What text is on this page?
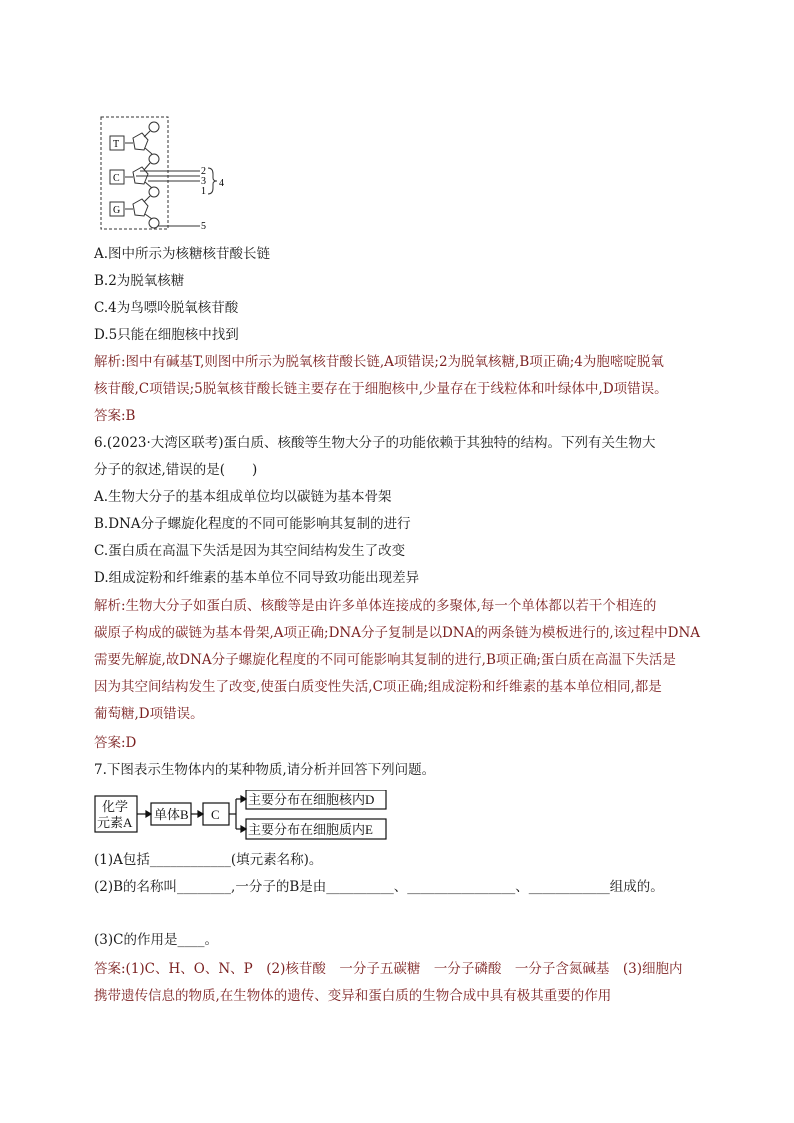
T
C
G
2
3
1
4
5
A.图中所示为核糖核苷酸长链
B.2为脱氧核糖
C.4为鸟嘌呤脱氧核苷酸
D.5只能在细胞核中找到
解析:图中有碱基T,则图中所示为脱氧核苷酸长链,A项错误;2为脱氧核糖,B项正确;4为胞嘧啶脱氧
核苷酸,C项错误;5脱氧核苷酸长链主要存在于细胞核中,少量存在于线粒体和叶绿体中,D项错误。
答案:B
6.(2023·大湾区联考)蛋白质、核酸等生物大分子的功能依赖于其独特的结构。下列有关生物大
分子的叙述,错误的是(　　)
A.生物大分子的基本组成单位均以碳链为基本骨架
B.DNA分子螺旋化程度的不同可能影响其复制的进行
C.蛋白质在高温下失活是因为其空间结构发生了改变
D.组成淀粉和纤维素的基本单位不同导致功能出现差异
解析:生物大分子如蛋白质、核酸等是由许多单体连接成的多聚体,每一个单体都以若干个相连的
碳原子构成的碳链为基本骨架,A项正确;DNA分子复制是以DNA的两条链为模板进行的,该过程中DNA
需要先解旋,故DNA分子螺旋化程度的不同可能影响其复制的进行,B项正确;蛋白质在高温下失活是
因为其空间结构发生了改变,使蛋白质变性失活,C项正确;组成淀粉和纤维素的基本单位相同,都是
葡萄糖,D项错误。
答案:D
7.下图表示生物体内的某种物质,请分析并回答下列问题。
化学
元素A
单体B C
主要分布在细胞核内D
主要分布在细胞质内E
(1)A包括____________(填元素名称)。
(2)B的名称叫________,一分子的B是由__________、________________、____________组成的。
(3)C的作用是____。
答案:(1)C、H、O、N、P　(2)核苷酸　一分子五碳糖　一分子磷酸　一分子含氮碱基　(3)细胞内
携带遗传信息的物质,在生物体的遗传、变异和蛋白质的生物合成中具有极其重要的作用
